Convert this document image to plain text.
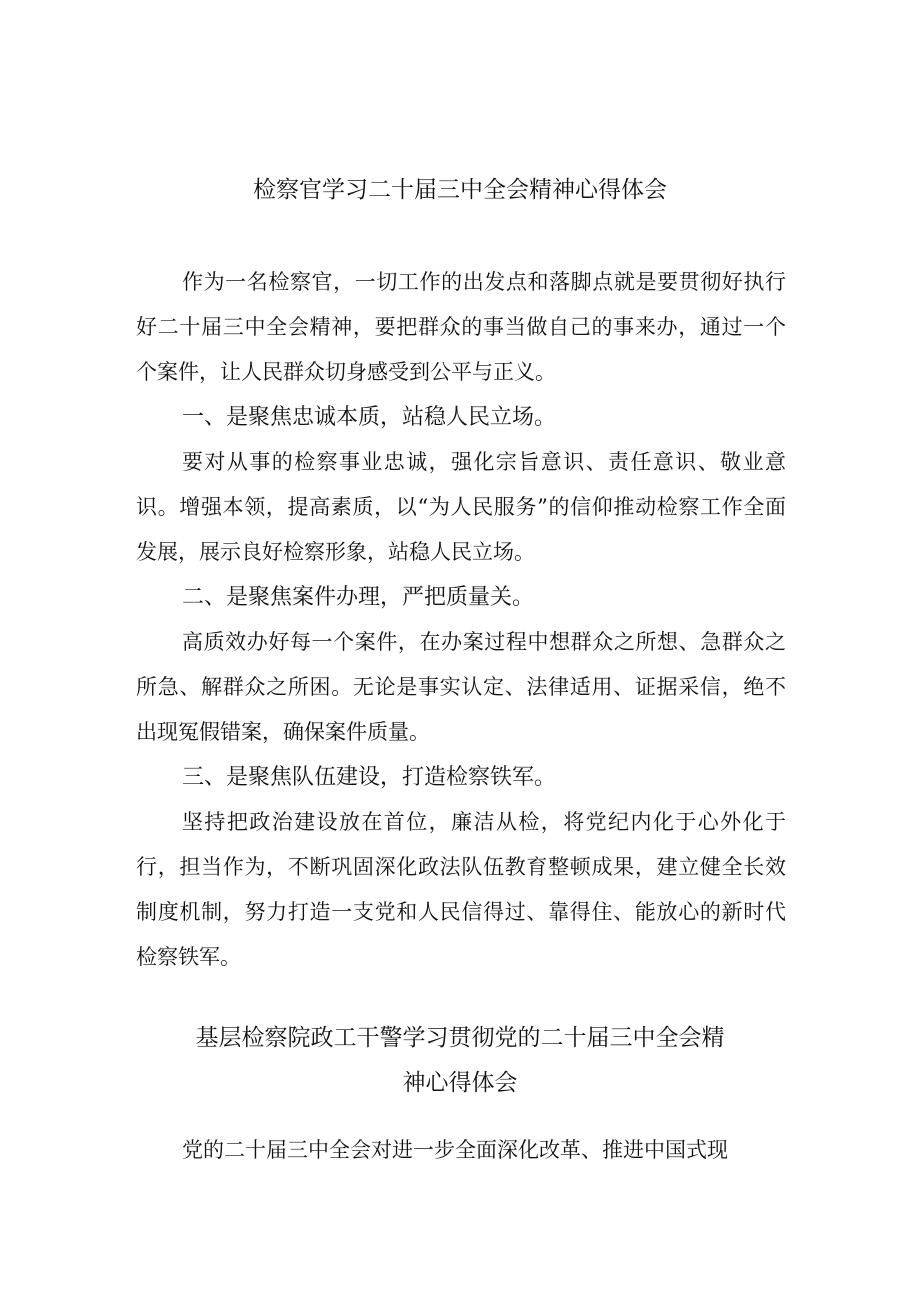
检察官学习二十届三中全会精神心得体会

作为一名检察官，一切工作的出发点和落脚点就是要贯彻好执行好二十届三中全会精神，要把群众的事当做自己的事来办，通过一个个案件，让人民群众切身感受到公平与正义。

一、是聚焦忠诚本质，站稳人民立场。

要对从事的检察事业忠诚，强化宗旨意识、责任意识、敬业意识。增强本领，提高素质，以“为人民服务”的信仰推动检察工作全面发展，展示良好检察形象，站稳人民立场。

二、是聚焦案件办理，严把质量关。

高质效办好每一个案件，在办案过程中想群众之所想、急群众之所急、解群众之所困。无论是事实认定、法律适用、证据采信，绝不出现冤假错案，确保案件质量。

三、是聚焦队伍建设，打造检察铁军。

坚持把政治建设放在首位，廉洁从检，将党纪内化于心外化于行，担当作为，不断巩固深化政法队伍教育整顿成果，建立健全长效制度机制，努力打造一支党和人民信得过、靠得住、能放心的新时代检察铁军。

基层检察院政工干警学习贯彻党的二十届三中全会精
神心得体会

党的二十届三中全会对进一步全面深化改革、推进中国式现
